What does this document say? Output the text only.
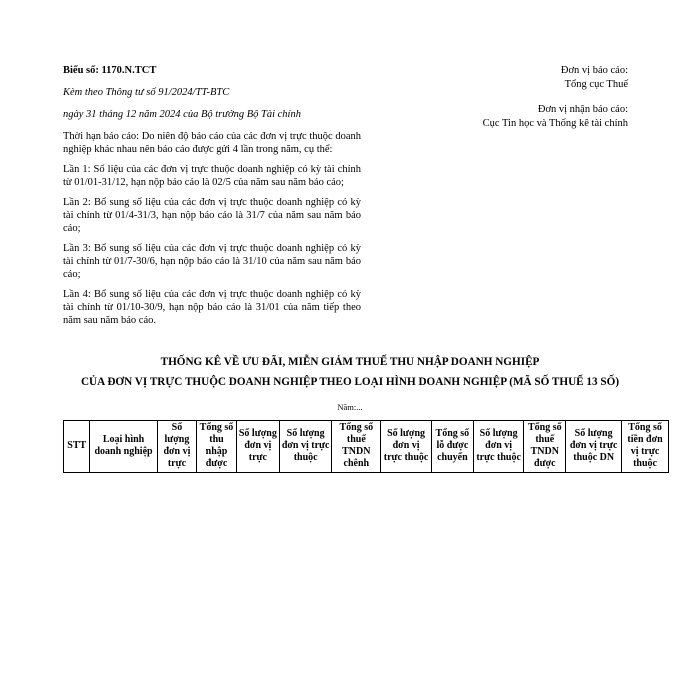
Biểu số: 1170.N.TCT
Kèm theo Thông tư số 91/2024/TT-BTC
ngày 31 tháng 12 năm 2024 của Bộ trưởng Bộ Tài chính
Thời hạn báo cáo: Do niên độ báo cáo của các đơn vị trực thuộc doanh nghiệp khác nhau nên báo cáo được gửi 4 lần trong năm, cụ thể:
Lần 1: Số liệu của các đơn vị trực thuộc doanh nghiệp có kỳ tài chính từ 01/01-31/12, hạn nộp báo cáo là 02/5 của năm sau năm báo cáo;
Lần 2: Bổ sung số liệu của các đơn vị trực thuộc doanh nghiệp có kỳ tài chính từ 01/4-31/3, hạn nộp báo cáo là 31/7 của năm sau năm báo cáo;
Lần 3: Bổ sung số liệu của các đơn vị trực thuộc doanh nghiệp có kỳ tài chính từ 01/7-30/6, hạn nộp báo cáo là 31/10 của năm sau năm báo cáo;
Lần 4: Bổ sung số liệu của các đơn vị trực thuộc doanh nghiệp có kỳ tài chính từ 01/10-30/9, hạn nộp báo cáo là 31/01 của năm tiếp theo năm sau năm báo cáo.
Đơn vị báo cáo:
Tổng cục Thuế
Đơn vị nhận báo cáo:
Cục Tin học và Thống kê tài chính
THỐNG KÊ VỀ ƯU ĐÃI, MIỄN GIẢM THUẾ THU NHẬP DOANH NGHIỆP
CỦA ĐƠN VỊ TRỰC THUỘC DOANH NGHIỆP THEO LOẠI HÌNH DOANH NGHIỆP (MÃ SỐ THUẾ 13 SỐ)
Năm:...
STT	Loại hình doanh nghiệp	Số lượng đơn vị trực	Tổng số thu nhập được	Số lượng đơn vị trực	Số lượng đơn vị trực thuộc	Tổng số thuế TNDN chênh	Số lượng đơn vị trực thuộc	Tổng số lỗ được chuyển	Số lượng đơn vị trực thuộc	Tổng số thuế TNDN được	Số lượng đơn vị trực thuộc DN	Tổng số tiền đơn vị trực thuộc
